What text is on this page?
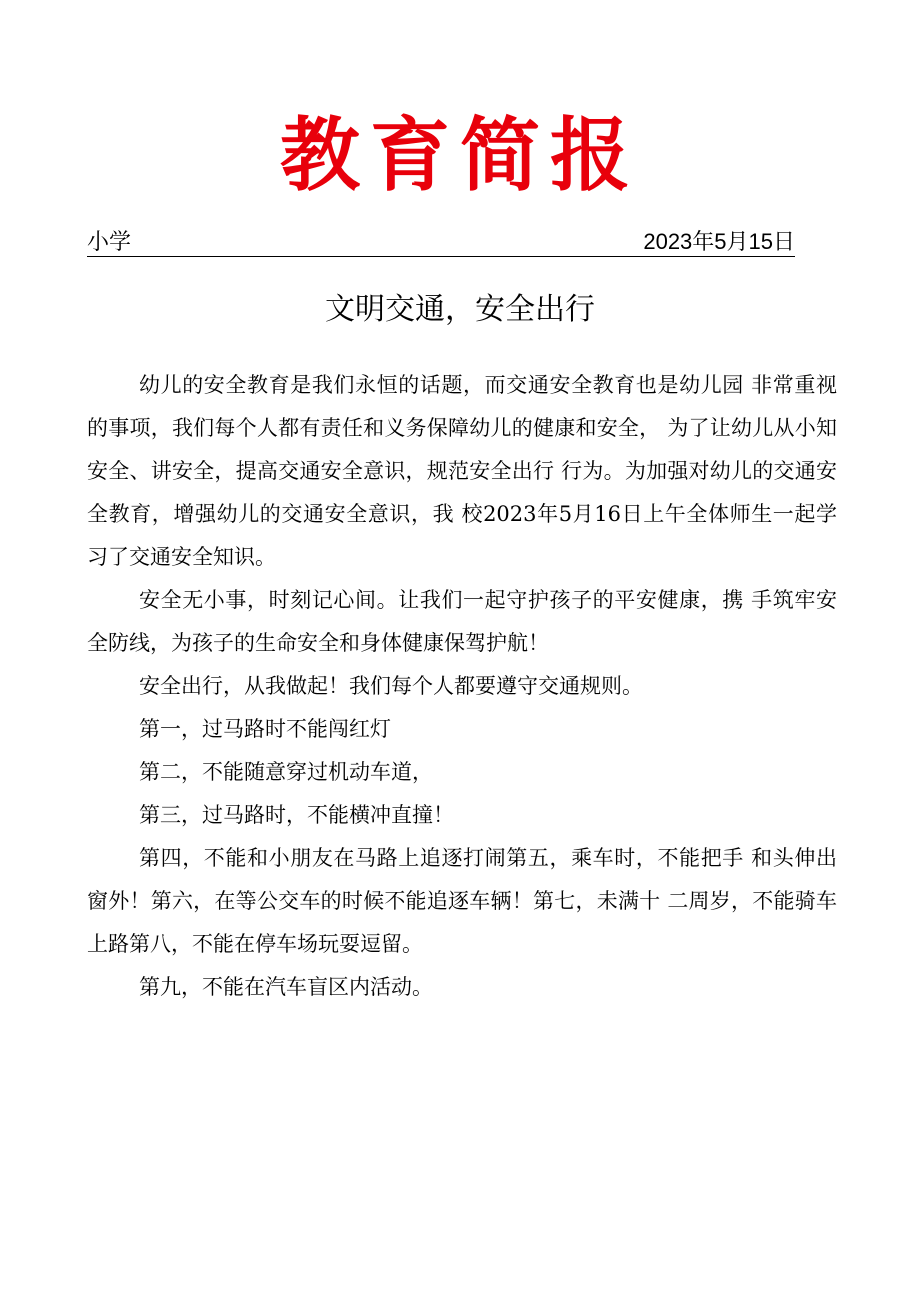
教育简报
小学	2023年5月15日
文明交通，安全出行

幼儿的安全教育是我们永恒的话题，而交通安全教育也是幼儿园 非常重视的事项，我们每个人都有责任和义务保障幼儿的健康和安全， 为了让幼儿从小知安全、讲安全，提高交通安全意识，规范安全出行 行为。为加强对幼儿的交通安全教育，增强幼儿的交通安全意识，我 校2023年5月16日上午全体师生一起学习了交通安全知识。

安全无小事，时刻记心间。让我们一起守护孩子的平安健康，携 手筑牢安全防线，为孩子的生命安全和身体健康保驾护航！

安全出行，从我做起！我们每个人都要遵守交通规则。

第一，过马路时不能闯红灯

第二，不能随意穿过机动车道，

第三，过马路时，不能横冲直撞！

第四，不能和小朋友在马路上追逐打闹第五，乘车时，不能把手 和头伸出窗外！第六，在等公交车的时候不能追逐车辆！第七，未满十 二周岁，不能骑车上路第八，不能在停车场玩耍逗留。

第九，不能在汽车盲区内活动。
